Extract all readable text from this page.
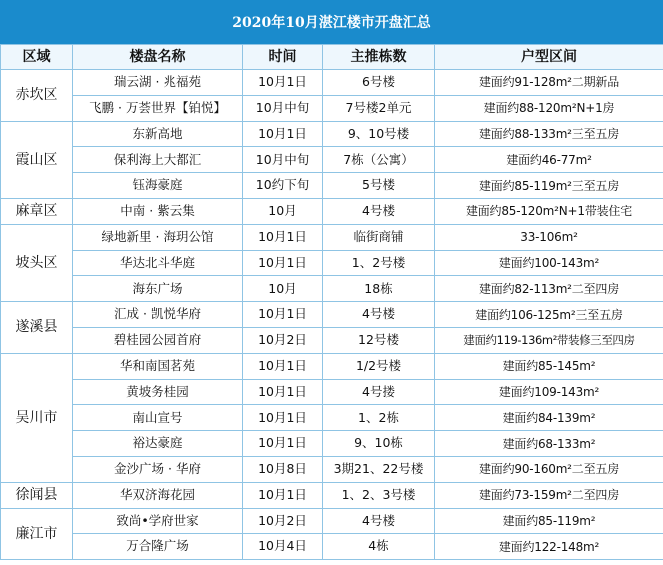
2020年10月湛江楼市开盘汇总
区域	楼盘名称	时间	主推栋数	户型区间
赤坎区	瑞云湖 · 兆福苑	10月1日	6号楼	建面约91-128m²二期新品
	飞鹏 · 万荟世界【铂悦】	10月中旬	7号楼2单元	建面约88-120m²N+1房
霞山区	东新高地	10月1日	9、10号楼	建面约88-133m²三至五房
	保利海上大都汇	10月中旬	7栋（公寓）	建面约46-77m²
	钰海豪庭	10约下旬	5号楼	建面约85-119m²三至五房
麻章区	中南 · 紫云集	10月	4号楼	建面约85-120m²N+1带装住宅
坡头区	绿地新里 · 海玥公馆	10月1日	临街商铺	33-106m²
	华达北斗华庭	10月1日	1、2号楼	建面约100-143m²
	海东广场	10月	18栋	建面约82-113m²二至四房
遂溪县	汇成 · 凯悦华府	10月1日	4号楼	建面约106-125m²三至五房
	碧桂园公园首府	10月2日	12号楼	建面约119-136m²带装修三至四房
吴川市	华和南国茗苑	10月1日	1/2号楼	建面约85-145m²
	黄坡务桂园	10月1日	4号搂	建面约109-143m²
	南山宣号	10月1日	1、2栋	建面约84-139m²
	裕达豪庭	10月1日	9、10栋	建面约68-133m²
	金沙广场 · 华府	10月8日	3期21、22号楼	建面约90-160m²二至五房
徐闻县	华双济海花园	10月1日	1、2、3号楼	建面约73-159m²二至四房
廉江市	致尚•学府世家	10月2日	4号楼	建面约85-119m²
	万合隆广场	10月4日	4栋	建面约122-148m²
